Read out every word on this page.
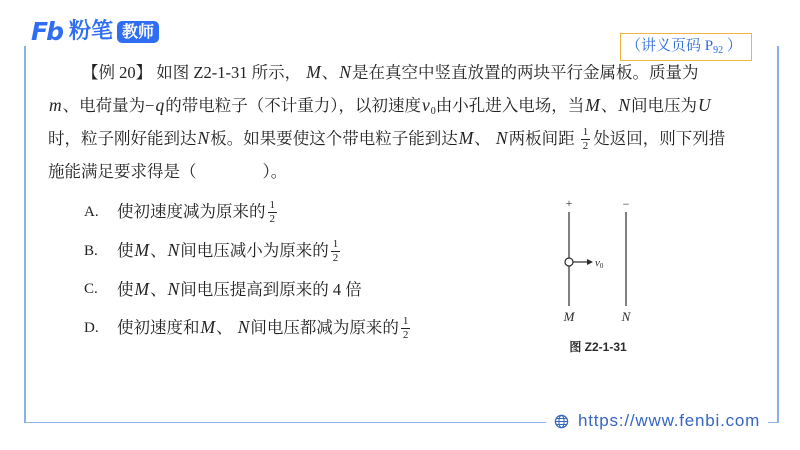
Fb 粉笔 教师
（讲义页码 $P_{92}$ ）
【例 20】 如图 Z2-1-31 所示， M、N是在真空中竖直放置的两块平行金属板。质量为
m、电荷量为−q的带电粒子（不计重力），以初速度$v_0$由小孔进入电场，当M、N间电压为U
时，粒子刚好能到达N板。如果要使这个带电粒子能到达M、 N两板间距 $\frac{1}{2}$ 处返回，则下列措
施能满足要求得是（　　　　）。
A.	使初速度减为原来的 $\frac{1}{2}$
B.	使M、N间电压减小为原来的 $\frac{1}{2}$
C.	使M、N间电压提高到原来的 4 倍
D.	使初速度和M、 N间电压都减为原来的 $\frac{1}{2}$
+	−
v0
M	N
图 Z2-1-31
https://www.fenbi.com
